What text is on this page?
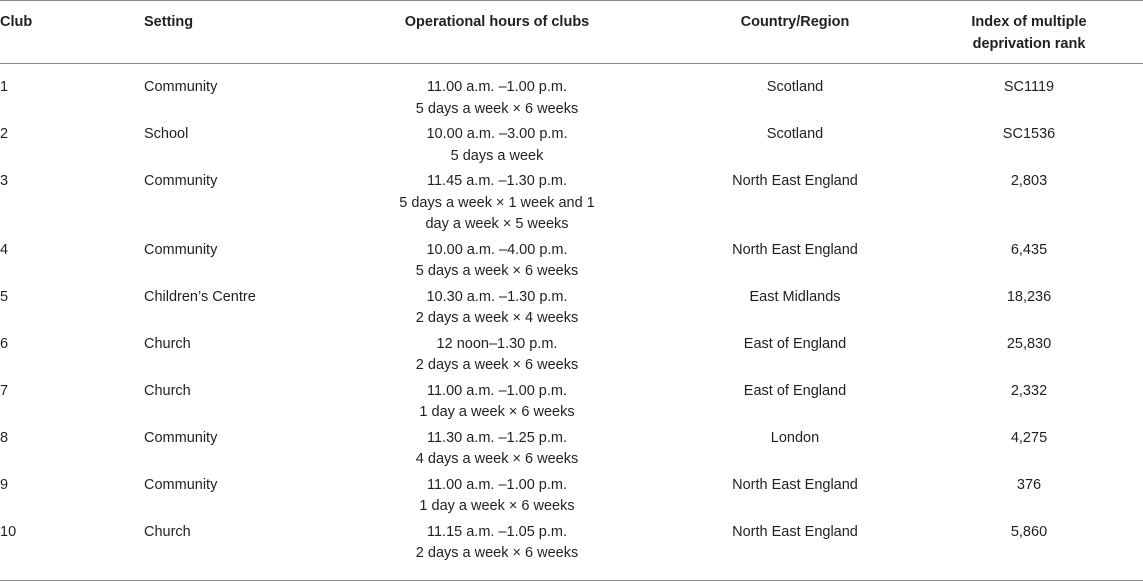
Club	Setting	Operational hours of clubs	Country/Region	Index of multiple
deprivation rank

1	Community	11.00 a.m. –1.00 p.m.
5 days a week × 6 weeks	Scotland	SC1119
2	School	10.00 a.m. –3.00 p.m.
5 days a week	Scotland	SC1536
3	Community	11.45 a.m. –1.30 p.m.
5 days a week × 1 week and 1
day a week × 5 weeks	North East England	2,803
4	Community	10.00 a.m. –4.00 p.m.
5 days a week × 6 weeks	North East England	6,435
5	Children’s Centre	10.30 a.m. –1.30 p.m.
2 days a week × 4 weeks	East Midlands	18,236
6	Church	12 noon–1.30 p.m.
2 days a week × 6 weeks	East of England	25,830
7	Church	11.00 a.m. –1.00 p.m.
1 day a week × 6 weeks	East of England	2,332
8	Community	11.30 a.m. –1.25 p.m.
4 days a week × 6 weeks	London	4,275
9	Community	11.00 a.m. –1.00 p.m.
1 day a week × 6 weeks	North East England	376
10	Church	11.15 a.m. –1.05 p.m.
2 days a week × 6 weeks	North East England	5,860
